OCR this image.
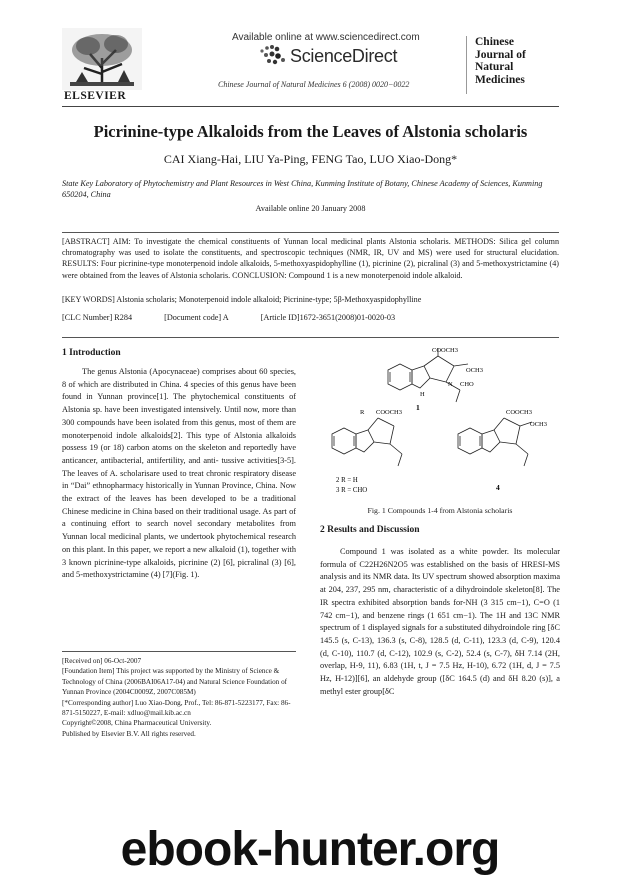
ELSEVIER
Available online at www.sciencedirect.com
ScienceDirect
Chinese Journal of Natural Medicines 6 (2008) 0020−0022
Chinese
Journal of
Natural
Medicines
Picrinine-type Alkaloids from the Leaves of Alstonia scholaris
CAI Xiang-Hai, LIU Ya-Ping, FENG Tao, LUO Xiao-Dong*
State Key Laboratory of Phytochemistry and Plant Resources in West China, Kunming Institute of Botany, Chinese Academy of Sciences, Kunming 650204, China
Available online 20 January 2008
[ABSTRACT] AIM: To investigate the chemical constituents of Yunnan local medicinal plants Alstonia scholaris. METHODS: Silica gel column chromatography was used to isolate the constituents, and spectroscopic techniques (NMR, IR, UV and MS) were used for structural elucidation. RESULTS: Four picrinine-type monoterpenoid indole alkaloids, 5-methoxyaspidophylline (1), picrinine (2), picralinal (3) and 5-methoxystrictamine (4) were obtained from the leaves of Alstonia scholaris. CONCLUSION: Compound 1 is a new monoterpenoid indole alkaloid.
[KEY WORDS] Alstonia scholaris; Monoterpenoid indole alkaloid; Picrinine-type; 5β-Methoxyaspidophylline
[CLC Number] R284	[Document code] A	[Article ID]1672-3651(2008)01-0020-03
1 Introduction
The genus Alstonia (Apocynaceae) comprises about 60 species, 8 of which are distributed in China. 4 species of this genus have been found in Yunnan province[1]. The phytochemical constituents of Alstonia sp. have been investigated intensively. Until now, more than 300 compounds have been isolated from this genus, most of them are monoterpenoid indole alkaloids[2]. This type of Alstonia alkaloids possess 19 (or 18) carbon atoms on the skeleton and reportedly have anticancer, antibacterial, antifertility, and anti- tussive activities[3-5]. The leaves of A. scholarisare used to treat chronic respiratory disease in “Dai” ethnopharmacy historically in Yunnan Province, China. Now the extract of the leaves has been developed to be a traditional Chinese medicine in China based on their traditional usage. As part of a continuing effort to search novel secondary metabolites from Yunnan local medicinal plants, we undertook phytochemical research on this plant. In this paper, we report a new alkaloid (1), together with 3 known picrinine-type alkaloids, picrinine (2) [6], picralinal (3) [6], and 5-methoxystrictamine (4) [7](Fig. 1).
[Received on] 06-Oct-2007
[Foundation Item] This project was supported by the Ministry of Science & Technology of China (2006BAI06A17-04) and Natural Science Foundation of Yunnan Province (2004C0009Z, 2007C085M)
[*Corresponding author] Luo Xiao-Dong, Prof., Tel: 86-871-5223177, Fax: 86-871-5150227, E-mail: xdluo@mail.kib.ac.cn
Copyright©2008, China Pharmaceutical University.
Published by Elsevier B.V. All rights reserved.
COOCH3
OCH3
CHO
H
N
1
R COOCH3
2 R = H
3 R = CHO
COOCH3
OCH3
4
Fig. 1 Compounds 1-4 from Alstonia scholaris
2 Results and Discussion
Compound 1 was isolated as a white powder. Its molecular formula of C22H26N2O5 was established on the basis of HRESI-MS analysis and its NMR data. Its UV spectrum showed absorption maxima at 204, 237, 295 nm, characteristic of a dihydroindole skeleton[8]. The IR spectra exhibited absorption bands for-NH (3 315 cm−1), C=O (1 742 cm−1), and benzene rings (1 651 cm−1). The 1H and 13C NMR spectrum of 1 displayed signals for a substituted dihydroindole ring [δC 145.5 (s, C-13), 136.3 (s, C-8), 128.5 (d, C-11), 123.3 (d, C-9), 120.4 (d, C-10), 110.7 (d, C-12), 102.9 (s, C-2), 52.4 (s, C-7), δH 7.14 (2H, overlap, H-9, 11), 6.83 (1H, t, J = 7.5 Hz, H-10), 6.72 (1H, d, J = 7.5 Hz, H-12)][6], an aldehyde group ([δC 164.5 (d) and δH 8.20 (s)], a methyl ester group[δC
ebook-hunter.org
